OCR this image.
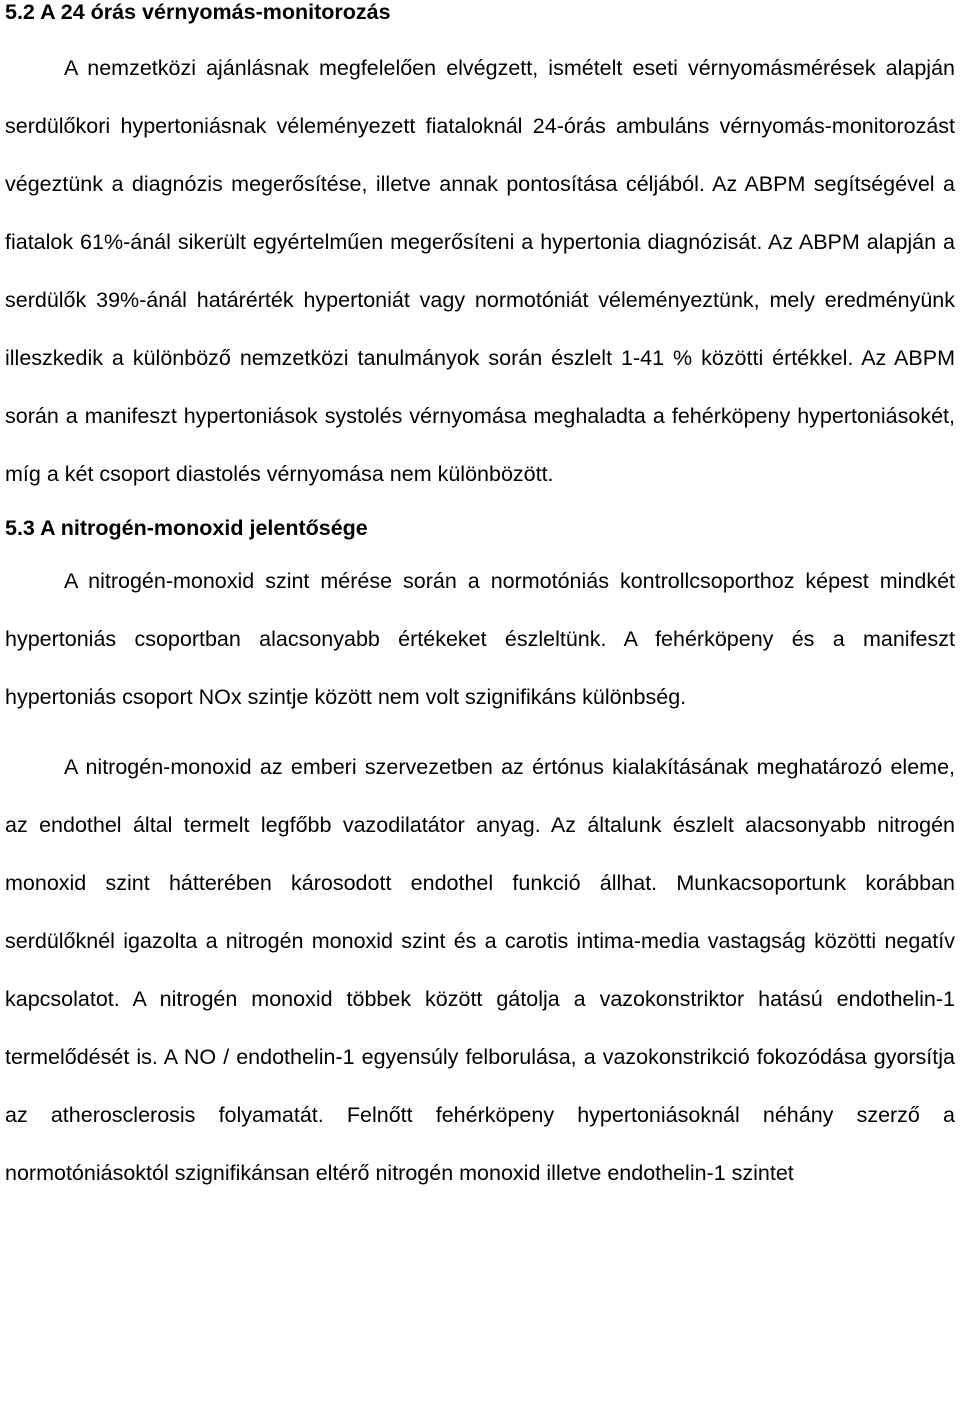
5.2 A 24 órás vérnyomás-monitorozás

A nemzetközi ajánlásnak megfelelően elvégzett, ismételt eseti vérnyomásmérések alapján serdülőkori hypertoniásnak véleményezett fiataloknál 24-órás ambuláns vérnyomás-monitorozást végeztünk a diagnózis megerősítése, illetve annak pontosítása céljából. Az ABPM segítségével a fiatalok 61%-ánál sikerült egyértelműen megerősíteni a hypertonia diagnózisát. Az ABPM alapján a serdülők 39%-ánál határérték hypertoniát vagy normotóniát véleményeztünk, mely eredményünk illeszkedik a különböző nemzetközi tanulmányok során észlelt 1-41 % közötti értékkel. Az ABPM során a manifeszt hypertoniások systolés vérnyomása meghaladta a fehérköpeny hypertoniásokét, míg a két csoport diastolés vérnyomása nem különbözött.

5.3 A nitrogén-monoxid jelentősége

A nitrogén-monoxid szint mérése során a normotóniás kontrollcsoporthoz képest mindkét hypertoniás csoportban alacsonyabb értékeket észleltünk. A fehérköpeny és a manifeszt hypertoniás csoport NOx szintje között nem volt szignifikáns különbség.

A nitrogén-monoxid az emberi szervezetben az értónus kialakításának meghatározó eleme, az endothel által termelt legfőbb vazodilatátor anyag. Az általunk észlelt alacsonyabb nitrogén monoxid szint hátterében károsodott endothel funkció állhat. Munkacsoportunk korábban serdülőknél igazolta a nitrogén monoxid szint és a carotis intima-media vastagság közötti negatív kapcsolatot. A nitrogén monoxid többek között gátolja a vazokonstriktor hatású endothelin-1 termelődését is. A NO / endothelin-1 egyensúly felborulása, a vazokonstrikció fokozódása gyorsítja az atherosclerosis folyamatát. Felnőtt fehérköpeny hypertoniásoknál néhány szerző a normotóniásoktól szignifikánsan eltérő nitrogén monoxid illetve endothelin-1 szintet
